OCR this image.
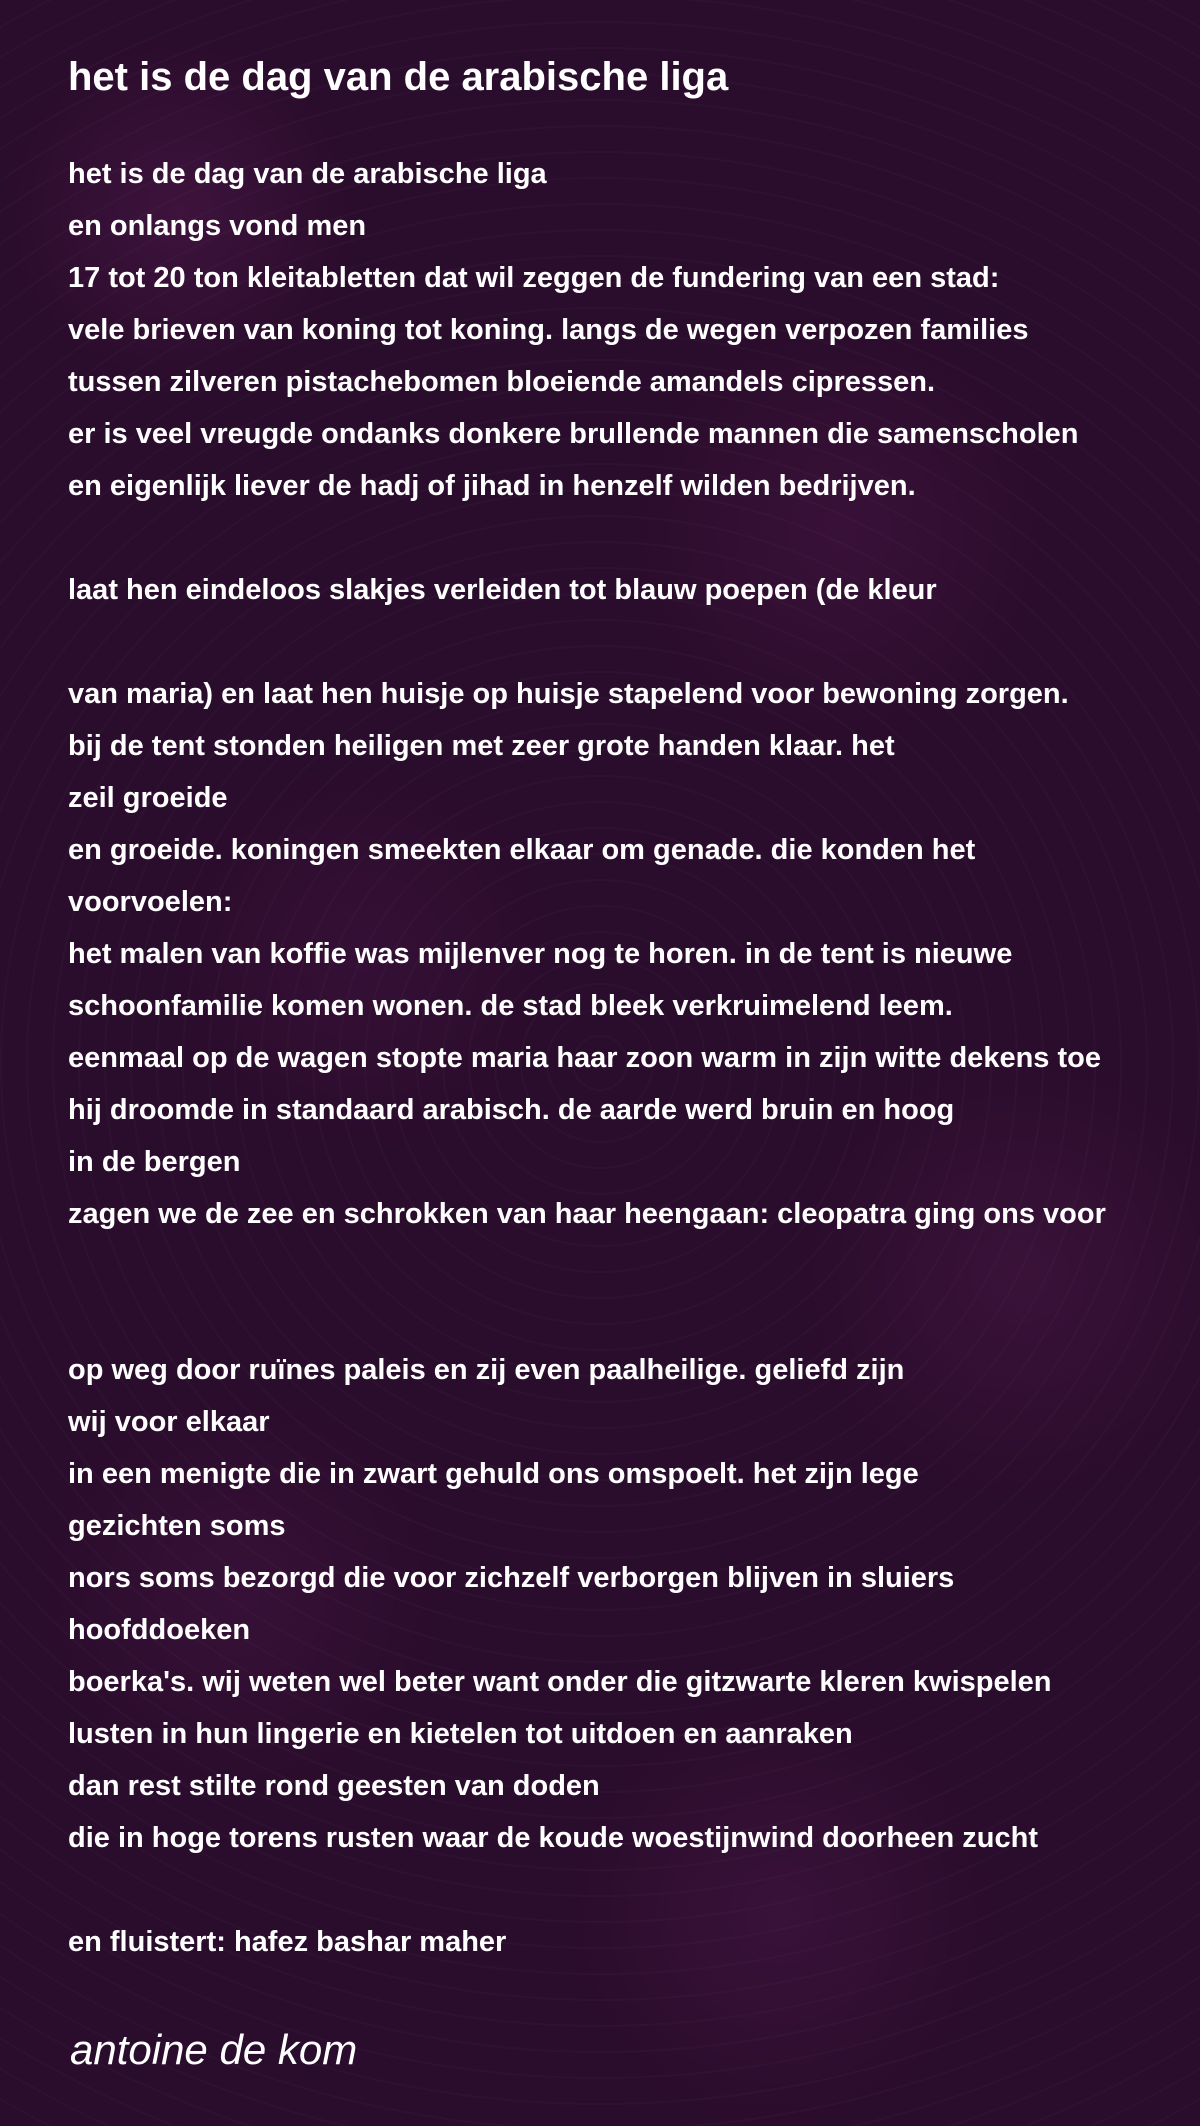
het is de dag van de arabische liga
het is de dag van de arabische liga
en onlangs vond men
17 tot 20 ton kleitabletten dat wil zeggen de fundering van een stad:
vele brieven van koning tot koning. langs de wegen verpozen families
tussen zilveren pistachebomen bloeiende amandels cipressen.
er is veel vreugde ondanks donkere brullende mannen die samenscholen
en eigenlijk liever de hadj of jihad in henzelf wilden bedrijven.
laat hen eindeloos slakjes verleiden tot blauw poepen (de kleur
van maria) en laat hen huisje op huisje stapelend voor bewoning zorgen.
bij de tent stonden heiligen met zeer grote handen klaar. het
zeil groeide
en groeide. koningen smeekten elkaar om genade. die konden het
voorvoelen:
het malen van koffie was mijlenver nog te horen. in de tent is nieuwe
schoonfamilie komen wonen. de stad bleek verkruimelend leem.
eenmaal op de wagen stopte maria haar zoon warm in zijn witte dekens toe
hij droomde in standaard arabisch. de aarde werd bruin en hoog
in de bergen
zagen we de zee en schrokken van haar heengaan: cleopatra ging ons voor
op weg door ruïnes paleis en zij even paalheilige. geliefd zijn
wij voor elkaar
in een menigte die in zwart gehuld ons omspoelt. het zijn lege
gezichten soms
nors soms bezorgd die voor zichzelf verborgen blijven in sluiers
hoofddoeken
boerka's. wij weten wel beter want onder die gitzwarte kleren kwispelen
lusten in hun lingerie en kietelen tot uitdoen en aanraken
dan rest stilte rond geesten van doden
die in hoge torens rusten waar de koude woestijnwind doorheen zucht
en fluistert: hafez bashar maher
antoine de kom
